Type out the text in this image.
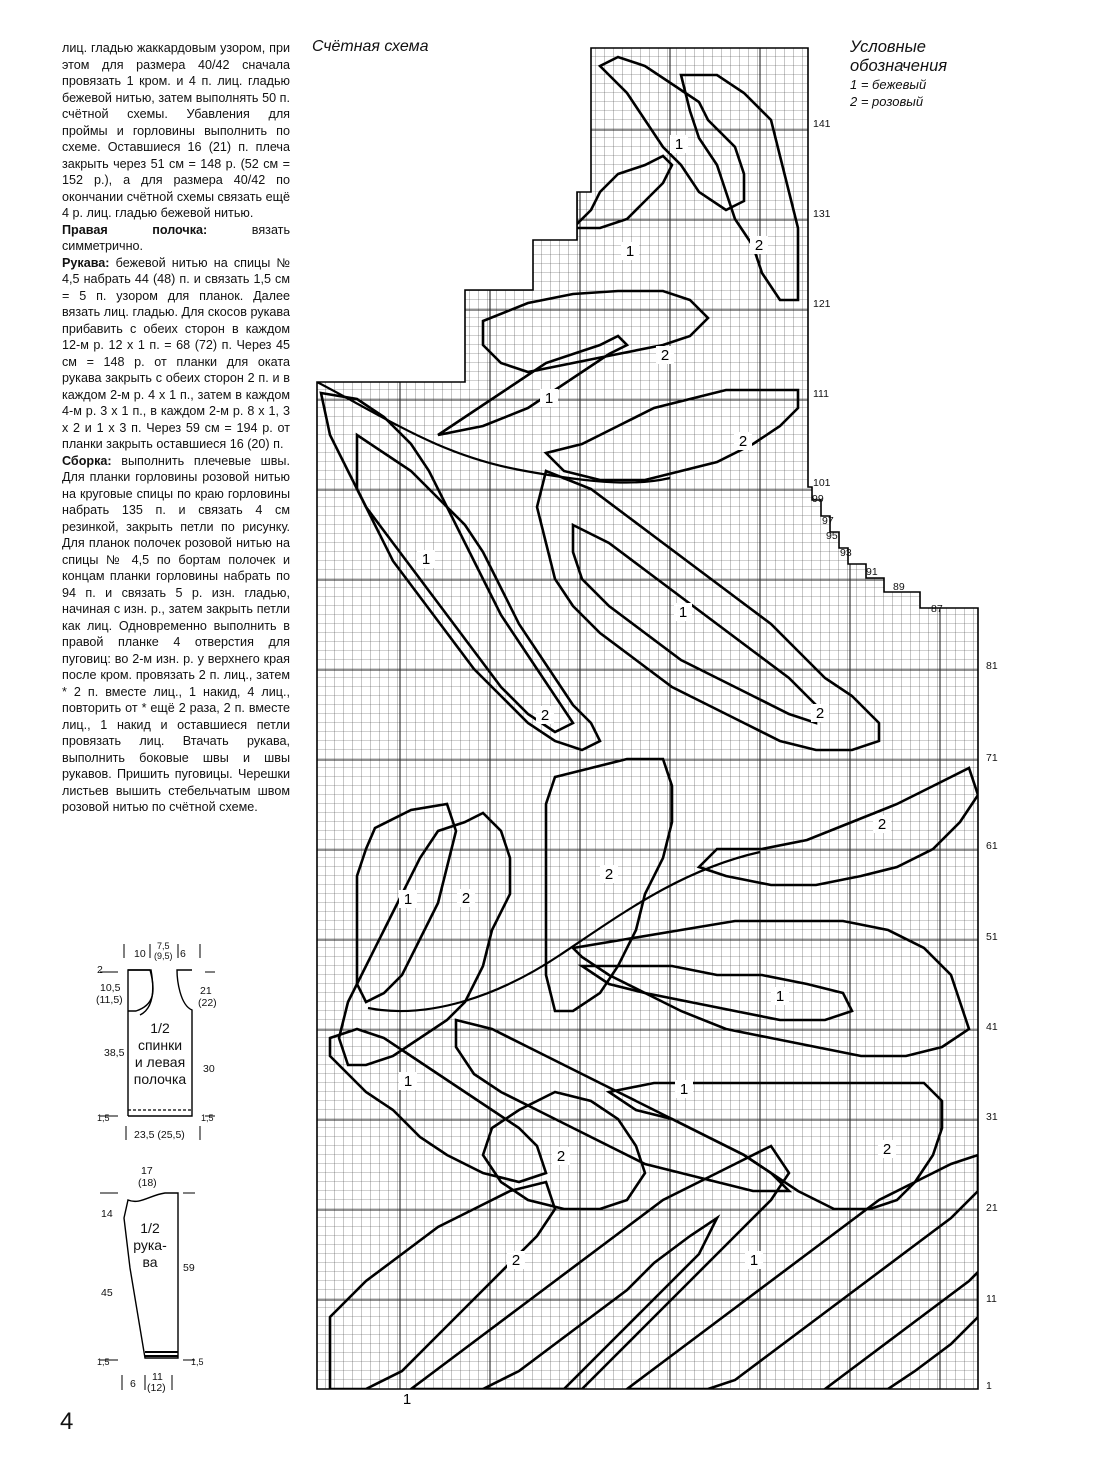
лиц. гладью жаккардовым узором, при этом для размера 40/42 сначала провязать 1 кром. и 4 п. лиц. гладью бежевой нитью, затем выполнять 50 п. счётной схемы. Убавления для проймы и горловины выполнить по схеме. Оставшиеся 16 (21) п. плеча закрыть через 51 см = 148 р. (52 см = 152 р.), а для размера 40/42 по окончании счётной схемы связать ещё 4 р. лиц. гладью бежевой нитью.

Правая полочка: вязать симметрично.

Рукава: бежевой нитью на спицы № 4,5 набрать 44 (48) п. и связать 1,5 см = 5 п. узором для планок. Далее вязать лиц. гладью. Для скосов рукава прибавить с обеих сторон в каждом 12-м р. 12 х 1 п. = 68 (72) п. Через 45 см = 148 р. от планки для оката рукава закрыть с обеих сторон 2 п. и в каждом 2-м р. 4 х 1 п., затем в каждом 4-м р. 3 х 1 п., в каждом 2-м р. 8 х 1, 3 х 2 и 1 х 3 п. Через 59 см = 194 р. от планки закрыть оставшиеся 16 (20) п.

Сборка: выполнить плечевые швы. Для планки горловины розовой нитью на круговые спицы по краю горловины набрать 135 п. и связать 4 см резинкой, закрыть петли по рисунку. Для планок полочек розовой нитью на спицы № 4,5 по бортам полочек и концам планки горловины набрать по 94 п. и связать 5 р. изн. гладью, начиная с изн. р., затем закрыть петли как лиц. Одновременно выполнить в правой планке 4 отверстия для пуговиц: во 2-м изн. р. у верхнего края после кром. провязать 2 п. лиц., затем * 2 п. вместе лиц., 1 накид, 4 лиц., повторить от * ещё 2 раза, 2 п. вместе лиц., 1 накид и оставшиеся петли провязать лиц. Втачать рукава, выполнить боковые швы и швы рукавов. Пришить пуговицы. Черешки листьев вышить стебельчатым швом розовой нитью по счётной схеме.

Счётная схема	Условные
обозначения
1 = бежевый
2 = розовый
1
1	2
2
1
2
1
1
2	2
2
2
1	2
1
1	1
2	2
2	1
1
141
131
121
111
101
99
97
95
93
91
89
87
81
71
61
51
41
31
21
11
1
10
7,5
(9,5) 6
2
10,5
(11,5)
38,5
21
(22)
30
1,5	1,5
23,5 (25,5)
1/2
спинки
и левая
полочка
17
(18)
14
45
59
1,5	1,5
6
11
(12)
1/2
рука-
ва
4
